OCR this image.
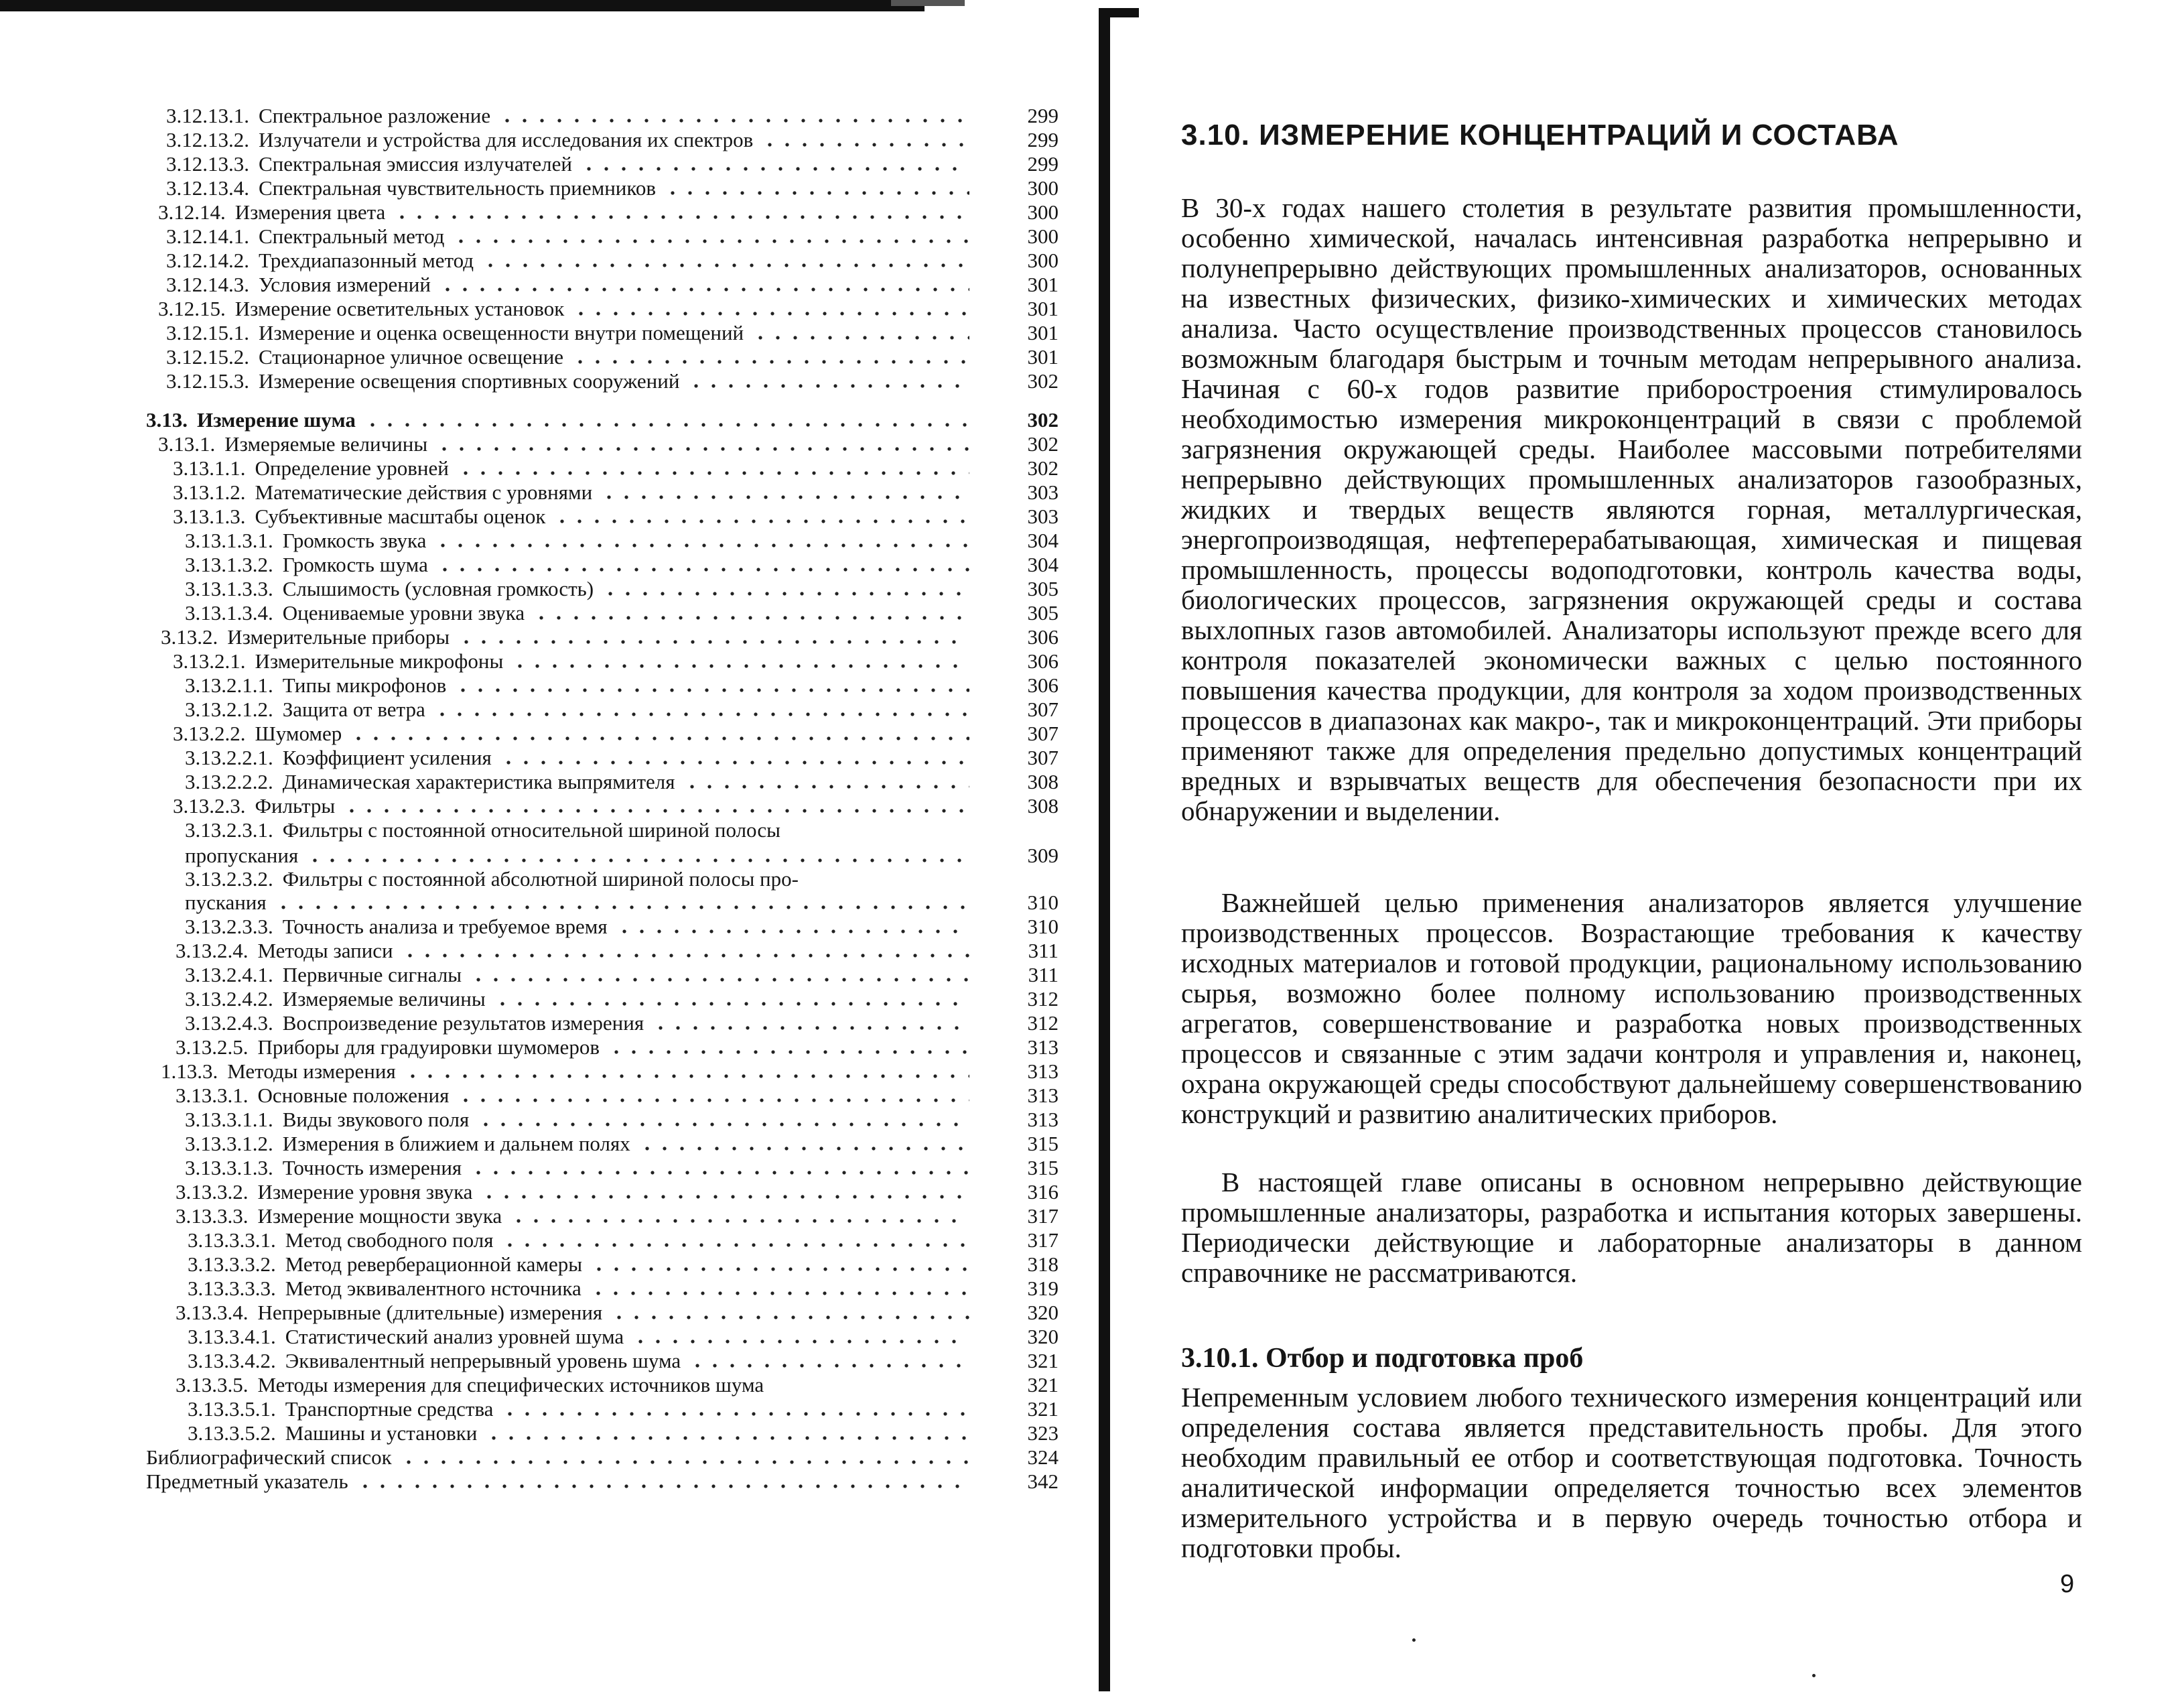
3.12.13.1. Спектральное разложение	299
3.12.13.2. Излучатели и устройства для исследования их спектров	299
3.12.13.3. Спектральная эмиссия излучателей	299
3.12.13.4. Спектральная чувствительность приемников	300
3.12.14. Измерения цвета	300
3.12.14.1. Спектральный метод	300
3.12.14.2. Трехдиапазонный метод	300
3.12.14.3. Условия измерений	301
3.12.15. Измерение осветительных установок	301
3.12.15.1. Измерение и оценка освещенности внутри помещений	301
3.12.15.2. Стационарное уличное освещение	301
3.12.15.3. Измерение освещения спортивных сооружений	302
3.13. Измерение шума	302
3.13.1. Измеряемые величины	302
3.13.1.1. Определение уровней	302
3.13.1.2. Математические действия с уровнями	303
3.13.1.3. Субъективные масштабы оценок	303
3.13.1.3.1. Громкость звука	304
3.13.1.3.2. Громкость шума	304
3.13.1.3.3. Слышимость (условная громкость)	305
3.13.1.3.4. Оцениваемые уровни звука	305
3.13.2. Измерительные приборы	306
3.13.2.1. Измерительные микрофоны	306
3.13.2.1.1. Типы микрофонов	306
3.13.2.1.2. Защита от ветра	307
3.13.2.2. Шумомер	307
3.13.2.2.1. Коэффициент усиления	307
3.13.2.2.2. Динамическая характеристика выпрямителя	308
3.13.2.3. Фильтры	308
3.13.2.3.1. Фильтры с постоянной относительной шириной полосы
пропускания	309
3.13.2.3.2. Фильтры с постоянной абсолютной шириной полосы про-
пускания	310
3.13.2.3.3. Точность анализа и требуемое время	310
3.13.2.4. Методы записи	311
3.13.2.4.1. Первичные сигналы	311
3.13.2.4.2. Измеряемые величины	312
3.13.2.4.3. Воспроизведение результатов измерения	312
3.13.2.5. Приборы для градуировки шумомеров	313
1.13.3. Методы измерения	313
3.13.3.1. Основные положения	313
3.13.3.1.1. Виды звукового поля	313
3.13.3.1.2. Измерения в ближием и дальнем полях	315
3.13.3.1.3. Точность измерения	315
3.13.3.2. Измерение уровня звука	316
3.13.3.3. Измерение мощности звука	317
3.13.3.3.1. Метод свободного поля	317
3.13.3.3.2. Метод реверберационной камеры	318
3.13.3.3.3. Метод эквивалентного нсточника	319
3.13.3.4. Непрерывные (длительные) измерения	320
3.13.3.4.1. Статистический анализ уровней шума	320
3.13.3.4.2. Эквивалентный непрерывный уровень шума	321
3.13.3.5. Методы измерения для специфических источников шума	321
3.13.3.5.1. Транспортные средства	321
3.13.3.5.2. Машины и установки	323
Библиографический список	324
Предметный указатель	342
3.10. ИЗМЕРЕНИЕ КОНЦЕНТРАЦИЙ И СОСТАВА

В 30-х годах нашего столетия в результате развития промышленности, особенно химической, началась интенсивная разработка непрерывно и полунепрерывно действующих промышленных анализаторов, основанных на известных физических, физико-химических и химических методах анализа. Часто осуществление производственных процессов становилось возможным благодаря быстрым и точным методам непрерывного анализа. Начиная с 60-х годов развитие приборостроения стимулировалось необходимостью измерения микроконцентраций в связи с проблемой загрязнения окружающей среды. Наиболее массовыми потребителями непрерывно действующих промышленных анализаторов газообразных, жидких и твердых веществ являются горная, металлургическая, энергопроизводящая, нефтеперерабатывающая, химическая и пищевая промышленность, процессы водоподготовки, контроль качества воды, биологических процессов, загрязнения окружающей среды и состава выхлопных газов автомобилей. Анализаторы используют прежде всего для контроля показателей экономически важных с целью постоянного повышения качества продукции, для контроля за ходом производственных процессов в диапазонах как макро-, так и микроконцентраций. Эти приборы применяют также для определения предельно допустимых концентраций вредных и взрывчатых веществ для обеспечения безопасности при их обнаружении и выделении.

Важнейшей целью применения анализаторов является улучшение производственных процессов. Возрастающие требования к качеству исходных материалов и готовой продукции, рациональному использованию сырья, возможно более полному использованию производственных агрегатов, совершенствование и разработка новых производственных процессов и связанные с этим задачи контроля и управления и, наконец, охрана окружающей среды способствуют дальнейшему совершенствованию конструкций и развитию аналитических приборов.

В настоящей главе описаны в основном непрерывно действующие промышленные анализаторы, разработка и испытания которых завершены. Периодически действующие и лабораторные анализаторы в данном справочнике не рассматриваются.

3.10.1. Отбор и подготовка проб

Непременным условием любого технического измерения концентраций или определения состава является представительность пробы. Для этого необходим правильный ее отбор и соответствующая подготовка. Точность аналитической информации определяется точностью всех элементов измерительного устройства и в первую очередь точностью отбора и подготовки пробы.

9
